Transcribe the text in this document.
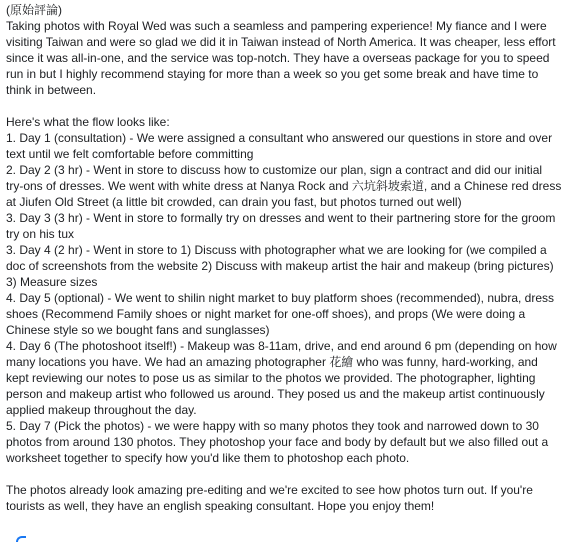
(原始評論)

Taking photos with Royal Wed was such a seamless and pampering experience! My fiance and I were visiting Taiwan and were so glad we did it in Taiwan instead of North America. It was cheaper, less effort since it was all-in-one, and the service was top-notch. They have a overseas package for you to speed run in but I highly recommend staying for more than a week so you get some break and have time to think in between.

Here's what the flow looks like:

1. Day 1 (consultation) - We were assigned a consultant who answered our questions in store and over text until we felt comfortable before committing

2. Day 2 (3 hr) - Went in store to discuss how to customize our plan, sign a contract and did our initial try-ons of dresses. We went with white dress at Nanya Rock and 六坑斜坡索道, and a Chinese red dress at Jiufen Old Street (a little bit crowded, can drain you fast, but photos turned out well)

3. Day 3 (3 hr) - Went in store to formally try on dresses and went to their partnering store for the groom try on his tux

3. Day 4 (2 hr) - Went in store to 1) Discuss with photographer what we are looking for (we compiled a doc of screenshots from the website 2) Discuss with makeup artist the hair and makeup (bring pictures) 3) Measure sizes

4. Day 5 (optional) - We went to shilin night market to buy platform shoes (recommended), nubra, dress shoes (Recommend Family shoes or night market for one-off shoes), and props (We were doing a Chinese style so we bought fans and sunglasses)

4. Day 6 (The photoshoot itself!) - Makeup was 8-11am, drive, and end around 6 pm (depending on how many locations you have. We had an amazing photographer 花繪 who was funny, hard-working, and kept reviewing our notes to pose us as similar to the photos we provided. The photographer, lighting person and makeup artist who followed us around. They posed us and the makeup artist continuously applied makeup throughout the day.

5. Day 7 (Pick the photos) - we were happy with so many photos they took and narrowed down to 30 photos from around 130 photos. They photoshop your face and body by default but we also filled out a worksheet together to specify how you'd like them to photoshop each photo.

The photos already look amazing pre-editing and we're excited to see how photos turn out. If you're tourists as well, they have an english speaking consultant. Hope you enjoy them!
